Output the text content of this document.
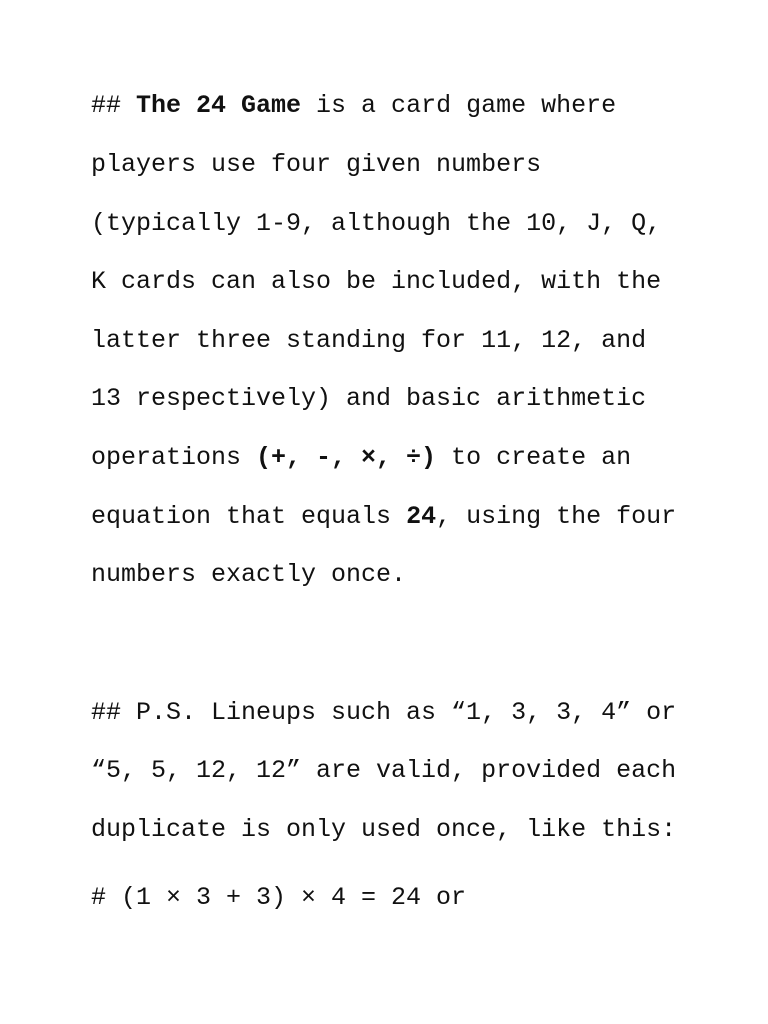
## The 24 Game is a card game where

players use four given numbers

(typically 1-9, although the 10, J, Q,

K cards can also be included, with the

latter three standing for 11, 12, and

13 respectively) and basic arithmetic

operations (+, -, ×, ÷) to create an

equation that equals 24, using the four

numbers exactly once.

## P.S. Lineups such as “1, 3, 3, 4” or

“5, 5, 12, 12” are valid, provided each

duplicate is only used once, like this:

# (1 × 3 + 3) × 4 = 24 or
